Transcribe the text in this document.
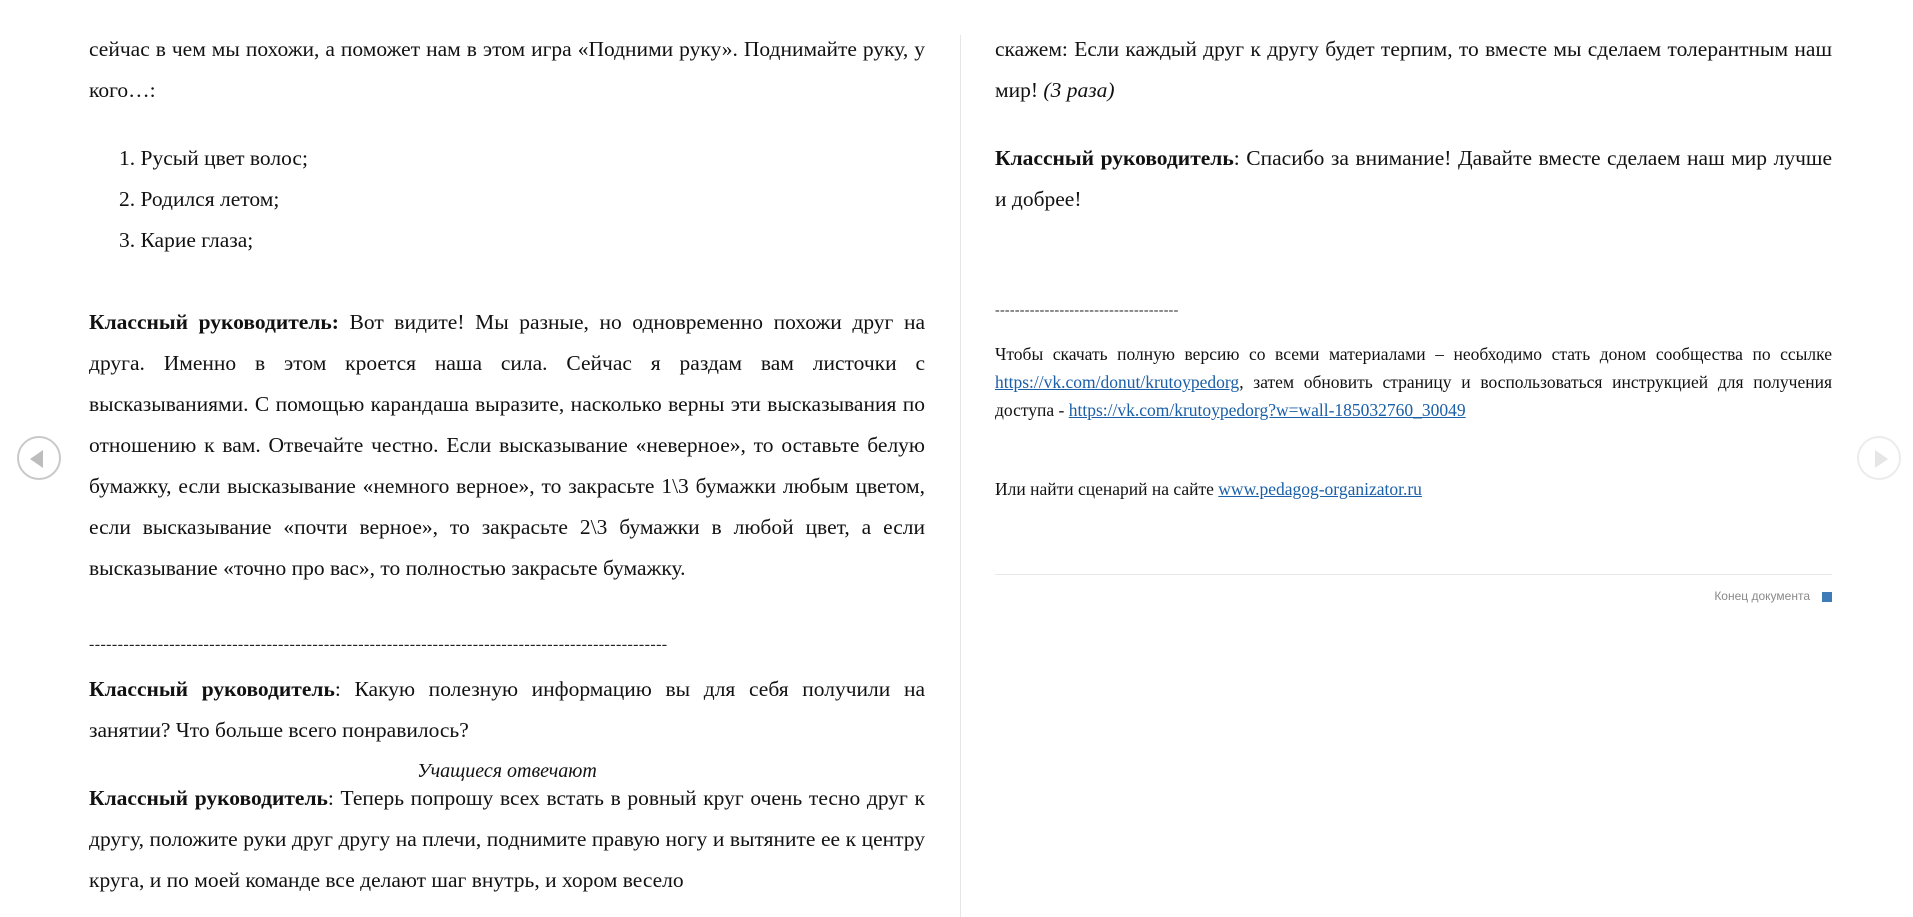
сейчас в чем мы похожи, а поможет нам в этом игра «Подними руку». Поднимайте руку, у кого…:

1. Русый цвет волос;
2. Родился летом;
3. Карие глаза;

Классный руководитель: Вот видите! Мы разные, но одновременно похожи друг на друга. Именно в этом кроется наша сила. Сейчас я раздам вам листочки с высказываниями. С помощью карандаша выразите, насколько верны эти высказывания по отношению к вам. Отвечайте честно. Если высказывание «неверное», то оставьте белую бумажку, если высказывание «немного верное», то закрасьте 1\3 бумажки любым цветом, если высказывание «почти верное», то закрасьте 2\3 бумажки в любой цвет, а если высказывание «точно про вас», то полностью закрасьте бумажку.

-----------------------------------------------------------------------------------------------------

Классный руководитель: Какую полезную информацию вы для себя получили на занятии? Что больше всего понравилось?

Учащиеся отвечают

Классный руководитель: Теперь попрошу всех встать в ровный круг очень тесно друг к другу, положите руки друг другу на плечи, поднимите правую ногу и вытяните ее к центру круга, и по моей команде все делают шаг внутрь, и хором весело

скажем: Если каждый друг к другу будет терпим, то вместе мы сделаем толерантным наш мир! (3 раза)

Классный руководитель: Спасибо за внимание! Давайте вместе сделаем наш мир лучше и добрее!

-------------------------------------

Чтобы скачать полную версию со всеми материалами – необходимо стать доном сообщества по ссылке https://vk.com/donut/krutoypedorg, затем обновить страницу и воспользоваться инструкцией для получения доступа - https://vk.com/krutoypedorg?w=wall-185032760_30049

Или найти сценарий на сайте www.pedagog-organizator.ru

Конец документа
